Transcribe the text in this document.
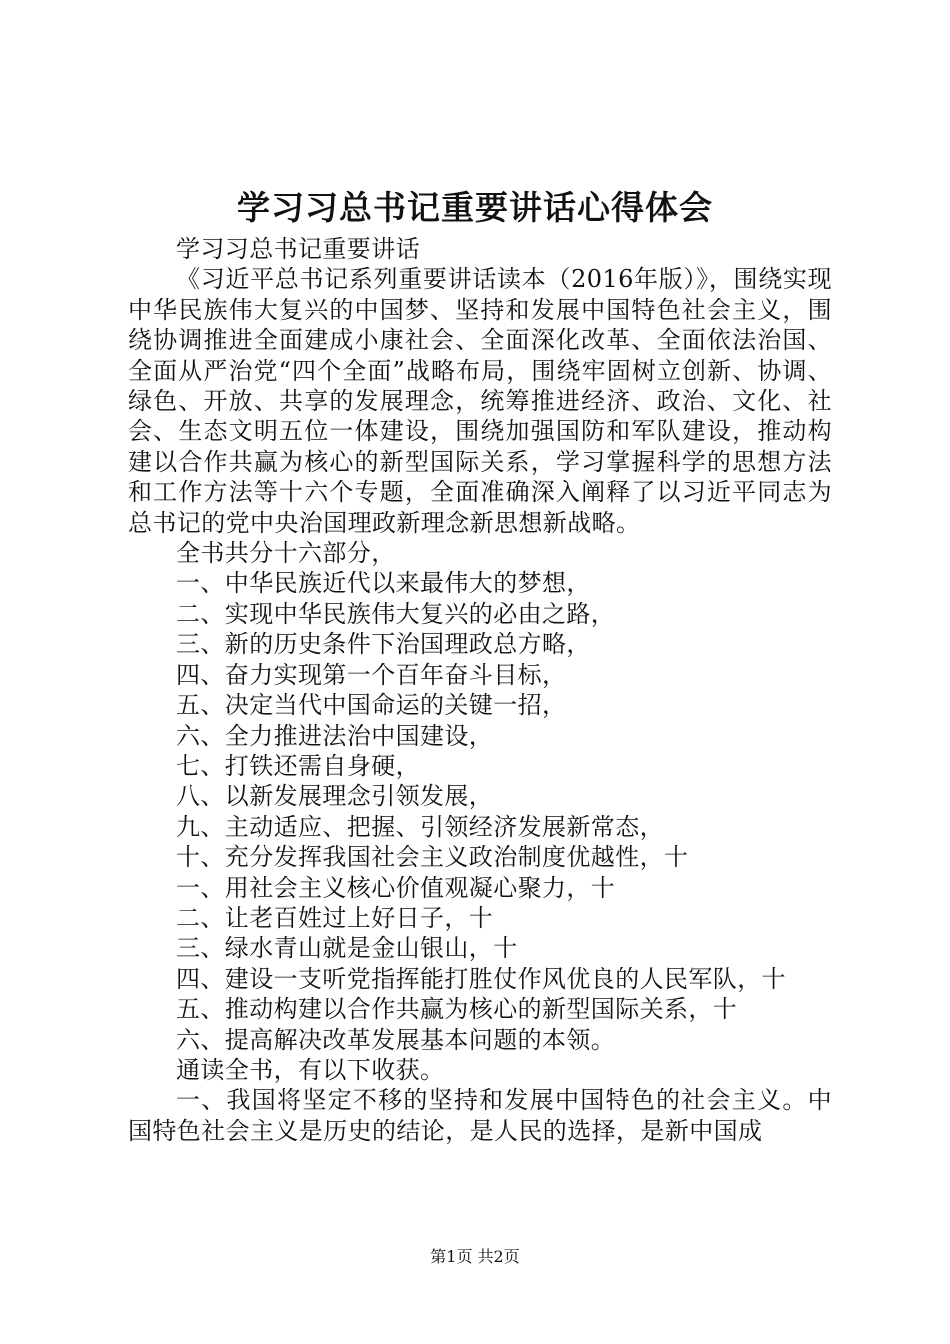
学习习总书记重要讲话心得体会

学习习总书记重要讲话

《习近平总书记系列重要讲话读本（2016年版）》，围绕实现中华民族伟大复兴的中国梦、坚持和发展中国特色社会主义，围绕协调推进全面建成小康社会、全面深化改革、全面依法治国、全面从严治党“四个全面”战略布局，围绕牢固树立创新、协调、绿色、开放、共享的发展理念，统筹推进经济、政治、文化、社会、生态文明五位一体建设，围绕加强国防和军队建设，推动构建以合作共赢为核心的新型国际关系，学习掌握科学的思想方法和工作方法等十六个专题，全面准确深入阐释了以习近平同志为总书记的党中央治国理政新理念新思想新战略。

全书共分十六部分，

一、中华民族近代以来最伟大的梦想，

二、实现中华民族伟大复兴的必由之路，

三、新的历史条件下治国理政总方略，

四、奋力实现第一个百年奋斗目标，

五、决定当代中国命运的关键一招，

六、全力推进法治中国建设，

七、打铁还需自身硬，

八、以新发展理念引领发展，

九、主动适应、把握、引领经济发展新常态，

十、充分发挥我国社会主义政治制度优越性，十

一、用社会主义核心价值观凝心聚力，十

二、让老百姓过上好日子，十

三、绿水青山就是金山银山，十

四、建设一支听党指挥能打胜仗作风优良的人民军队，十

五、推动构建以合作共赢为核心的新型国际关系，十

六、提高解决改革发展基本问题的本领。

通读全书，有以下收获。

一、我国将坚定不移的坚持和发展中国特色的社会主义。中国特色社会主义是历史的结论，是人民的选择，是新中国成

第1页 共2页
